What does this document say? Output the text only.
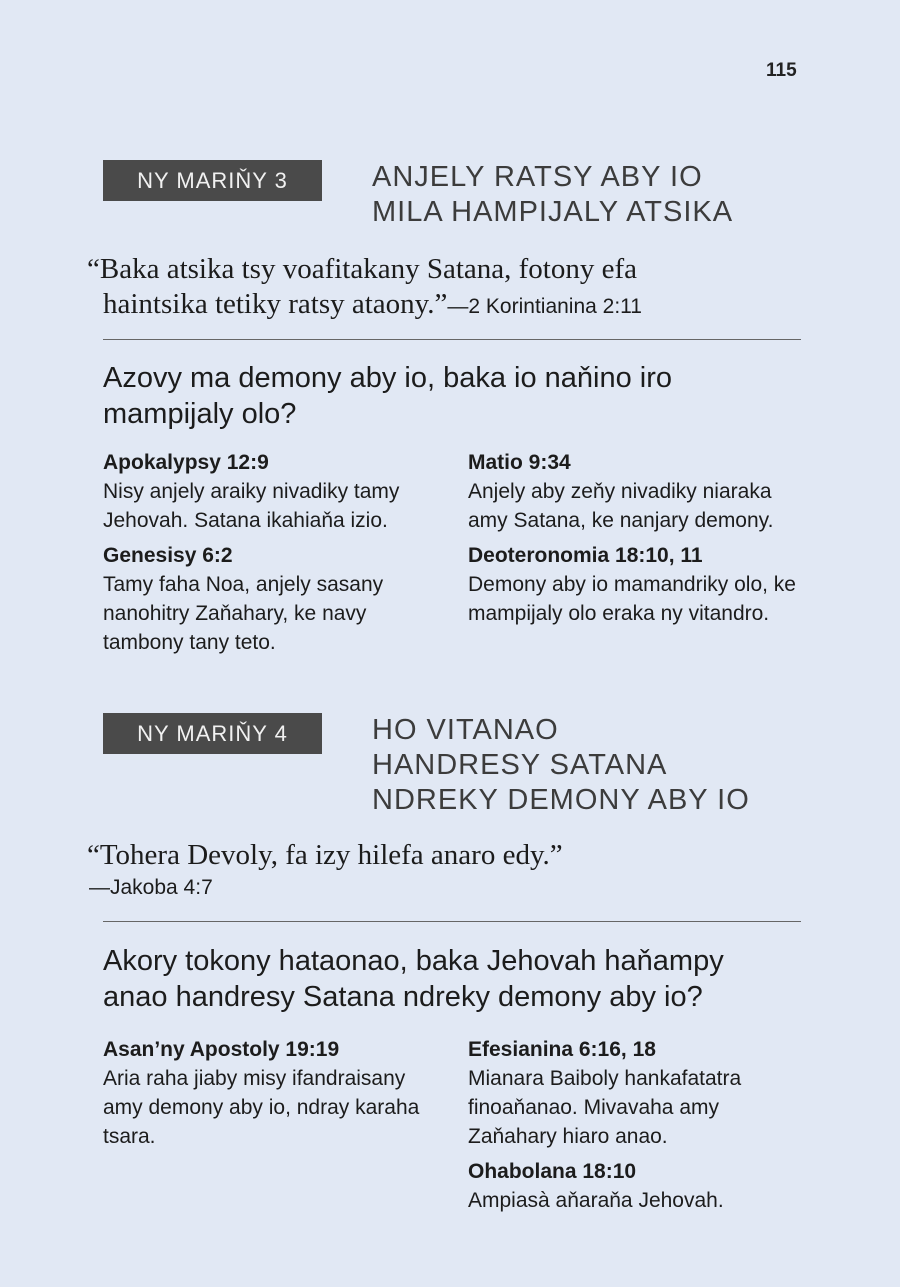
115
NY MARIŇY 3	ANJELY RATSY ABY IO
MILA HAMPIJALY ATSIKA
“Baka atsika tsy voafitakany Satana, fotony efa
haintsika tetiky ratsy ataony.”—2 Korintianina 2:11
Azovy ma demony aby io, baka io naňino iro
mampijaly olo?
Apokalypsy 12:9
Nisy anjely araiky nivadiky tamy Jehovah. Satana ikahiaňa izio.
Genesisy 6:2
Tamy faha Noa, anjely sasany nanohitry Zaňahary, ke navy tambony tany teto.
Matio 9:34
Anjely aby zeňy nivadiky niaraka amy Satana, ke nanjary demony.
Deoteronomia 18:10, 11
Demony aby io mamandriky olo, ke mampijaly olo eraka ny vitandro.
NY MARIŇY 4	HO VITANAO
HANDRESY SATANA
NDREKY DEMONY ABY IO
“Tohera Devoly, fa izy hilefa anaro edy.”
—Jakoba 4:7
Akory tokony hataonao, baka Jehovah haňampy
anao handresy Satana ndreky demony aby io?
Asan’ny Apostoly 19:19
Aria raha jiaby misy ifandraisany amy demony aby io, ndray karaha tsara.
Efesianina 6:16, 18
Mianara Baiboly hankafatatra finoaňanao. Mivavaha amy Zaňahary hiaro anao.
Ohabolana 18:10
Ampiasà aňaraňa Jehovah.
